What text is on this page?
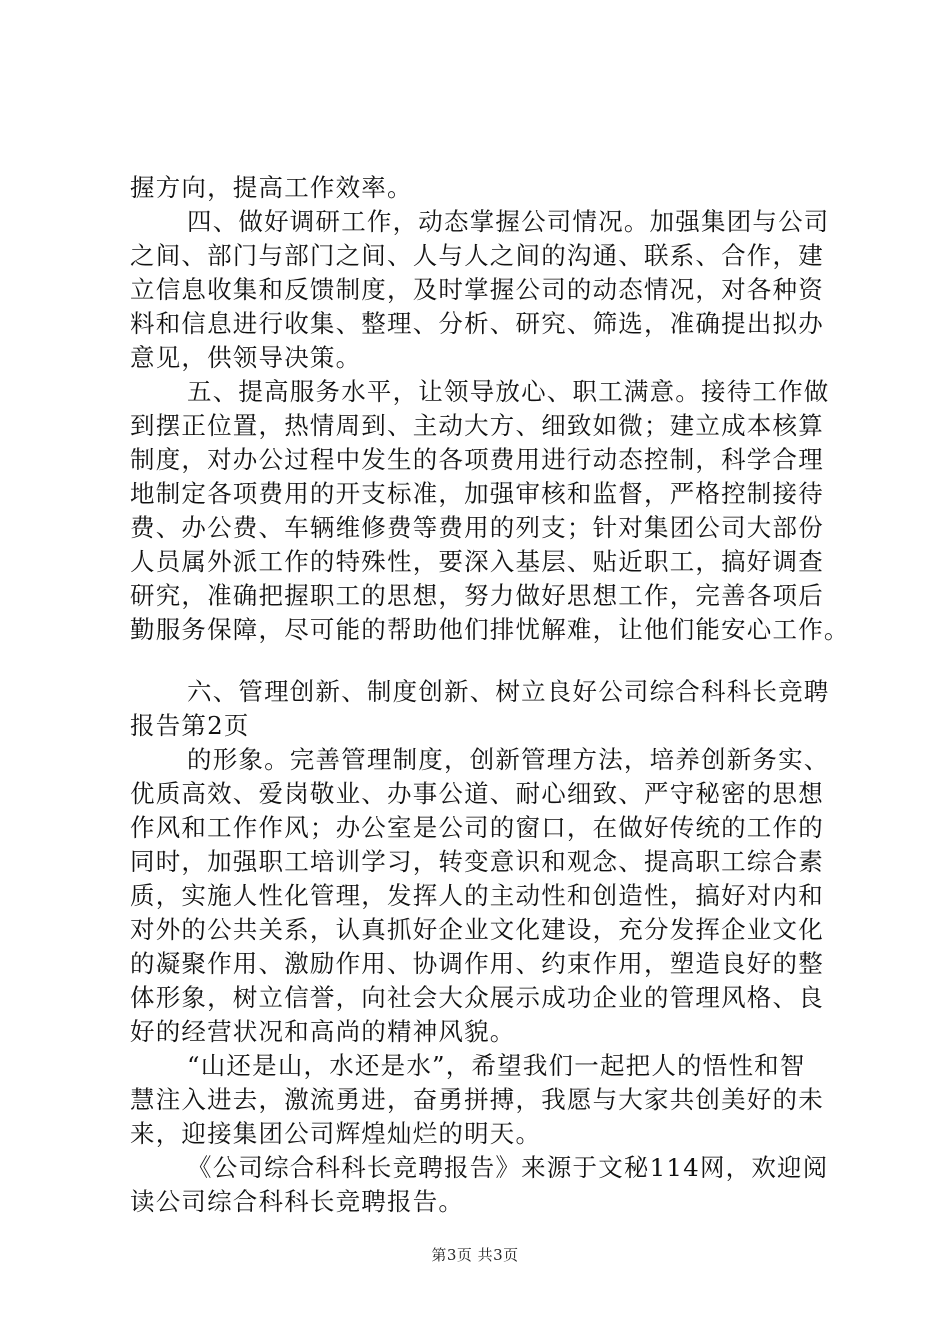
握方向，提高工作效率。
四、做好调研工作，动态掌握公司情况。加强集团与公司
之间、部门与部门之间、人与人之间的沟通、联系、合作，建
立信息收集和反馈制度，及时掌握公司的动态情况，对各种资
料和信息进行收集、整理、分析、研究、筛选，准确提出拟办
意见，供领导决策。
五、提高服务水平，让领导放心、职工满意。接待工作做
到摆正位置，热情周到、主动大方、细致如微；建立成本核算
制度，对办公过程中发生的各项费用进行动态控制，科学合理
地制定各项费用的开支标准，加强审核和监督，严格控制接待
费、办公费、车辆维修费等费用的列支；针对集团公司大部份
人员属外派工作的特殊性，要深入基层、贴近职工，搞好调查
研究，准确把握职工的思想，努力做好思想工作，完善各项后
勤服务保障，尽可能的帮助他们排忧解难，让他们能安心工作。
六、管理创新、制度创新、树立良好公司综合科科长竞聘
报告第2页
的形象。完善管理制度，创新管理方法，培养创新务实、
优质高效、爱岗敬业、办事公道、耐心细致、严守秘密的思想
作风和工作作风；办公室是公司的窗口，在做好传统的工作的
同时，加强职工培训学习，转变意识和观念、提高职工综合素
质，实施人性化管理，发挥人的主动性和创造性，搞好对内和
对外的公共关系，认真抓好企业文化建设，充分发挥企业文化
的凝聚作用、激励作用、协调作用、约束作用，塑造良好的整
体形象，树立信誉，向社会大众展示成功企业的管理风格、良
好的经营状况和高尚的精神风貌。
“山还是山，水还是水”，希望我们一起把人的悟性和智
慧注入进去，激流勇进，奋勇拼搏，我愿与大家共创美好的未
来，迎接集团公司辉煌灿烂的明天。
《公司综合科科长竞聘报告》来源于文秘114网，欢迎阅
读公司综合科科长竞聘报告。
第3页 共3页
